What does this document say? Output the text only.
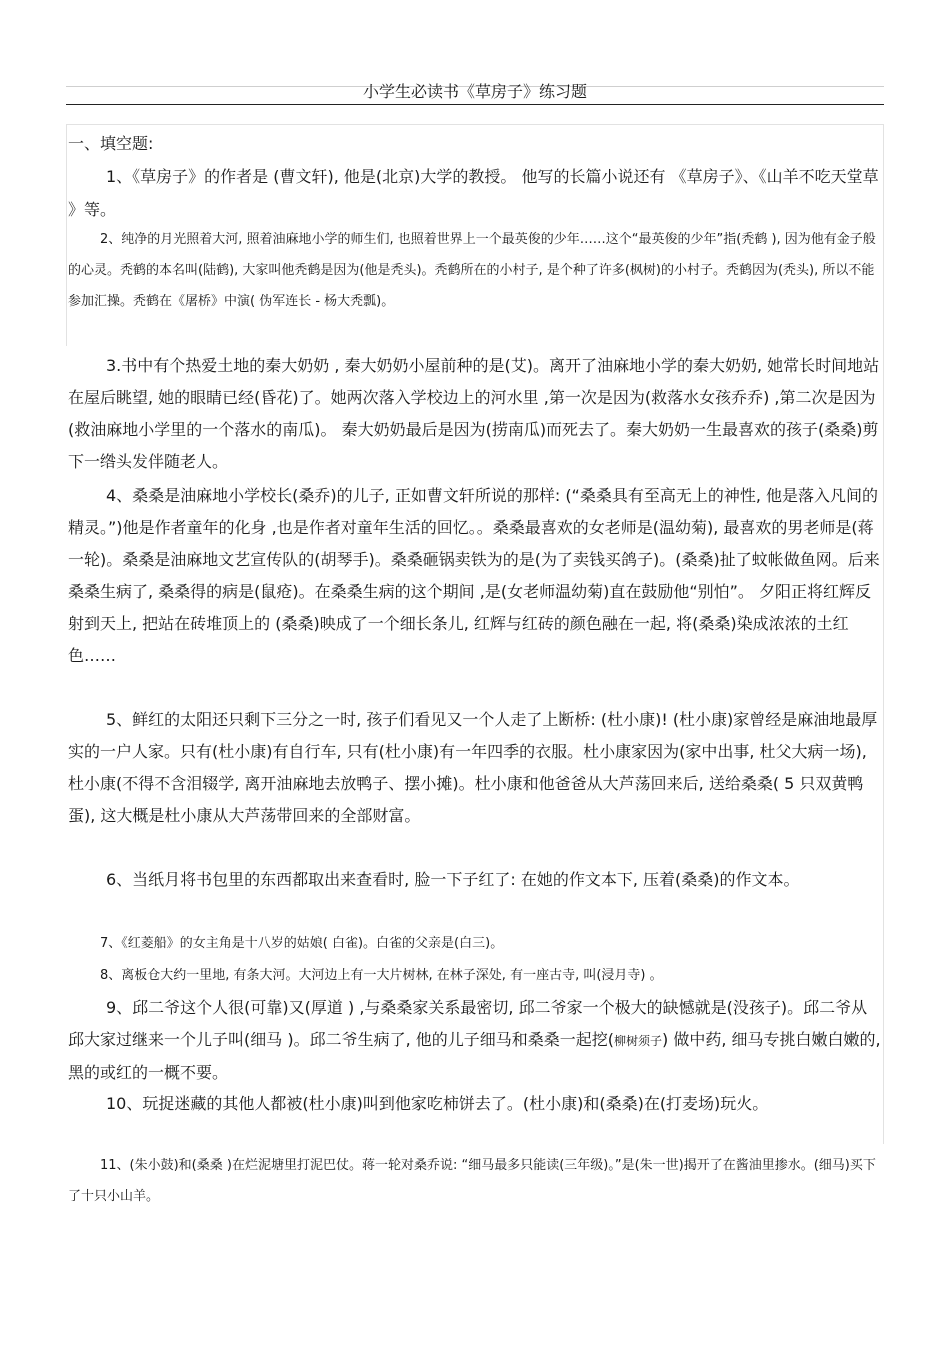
小学生必读书《草房子》练习题
一、填空题:

1、《草房子》的作者是 (曹文轩), 他是(北京)大学的教授。 他写的长篇小说还有 《草房子》、《山羊不吃天堂草 》等。

2、纯净的月光照着大河, 照着油麻地小学的师生们, 也照着世界上一个最英俊的少年……这个“最英俊的少年”指(秃鹤 ), 因为他有金子般的心灵。秃鹤的本名叫(陆鹤), 大家叫他秃鹤是因为(他是秃头)。秃鹤所在的小村子, 是个种了许多(枫树)的小村子。秃鹤因为(秃头), 所以不能参加汇操。秃鹤在《屠桥》中演( 伪军连长 - 杨大秃瓢)。

3.书中有个热爱土地的秦大奶奶 , 秦大奶奶小屋前种的是(艾)。离开了油麻地小学的秦大奶奶, 她常长时间地站在屋后眺望, 她的眼睛已经(昏花)了。她两次落入学校边上的河水里 ,第一次是因为(救落水女孩乔乔) ,第二次是因为(救油麻地小学里的一个落水的南瓜)。 秦大奶奶最后是因为(捞南瓜)而死去了。秦大奶奶一生最喜欢的孩子(桑桑)剪下一绺头发伴随老人。

4、桑桑是油麻地小学校长(桑乔)的儿子, 正如曹文轩所说的那样: (“桑桑具有至高无上的神性, 他是落入凡间的精灵。”)他是作者童年的化身 ,也是作者对童年生活的回忆。。桑桑最喜欢的女老师是(温幼菊), 最喜欢的男老师是(蒋一轮)。桑桑是油麻地文艺宣传队的(胡琴手)。桑桑砸锅卖铁为的是(为了卖钱买鸽子)。(桑桑)扯了蚊帐做鱼网。后来桑桑生病了, 桑桑得的病是(鼠疮)。在桑桑生病的这个期间 ,是(女老师温幼菊)直在鼓励他“别怕”。 夕阳正将红辉反射到天上, 把站在砖堆顶上的 (桑桑)映成了一个细长条儿, 红辉与红砖的颜色融在一起, 将(桑桑)染成浓浓的土红色……

5、鲜红的太阳还只剩下三分之一时, 孩子们看见又一个人走了上断桥: (杜小康)! (杜小康)家曾经是麻油地最厚实的一户人家。只有(杜小康)有自行车, 只有(杜小康)有一年四季的衣服。杜小康家因为(家中出事, 杜父大病一场), 杜小康(不得不含泪辍学, 离开油麻地去放鸭子、摆小摊)。杜小康和他爸爸从大芦荡回来后, 送给桑桑( 5 只双黄鸭蛋), 这大概是杜小康从大芦荡带回来的全部财富。

6、当纸月将书包里的东西都取出来查看时, 脸一下子红了: 在她的作文本下, 压着(桑桑)的作文本。

7、《红菱船》的女主角是十八岁的姑娘( 白雀)。白雀的父亲是(白三)。

8、离板仓大约一里地, 有条大河。大河边上有一大片树林, 在林子深处, 有一座古寺, 叫(浸月寺) 。

9、邱二爷这个人很(可靠)又(厚道 ) ,与桑桑家关系最密切, 邱二爷家一个极大的缺憾就是(没孩子)。邱二爷从邱大家过继来一个儿子叫(细马 )。邱二爷生病了, 他的儿子细马和桑桑一起挖(柳树须子) 做中药, 细马专挑白嫩白嫩的, 黑的或红的一概不要。

10、玩捉迷藏的其他人都被(杜小康)叫到他家吃柿饼去了。(杜小康)和(桑桑)在(打麦场)玩火。

11、(朱小鼓)和(桑桑 )在烂泥塘里打泥巴仗。蒋一轮对桑乔说: “细马最多只能读(三年级)。”是(朱一世)揭开了在酱油里掺水。(细马)买下了十只小山羊。
